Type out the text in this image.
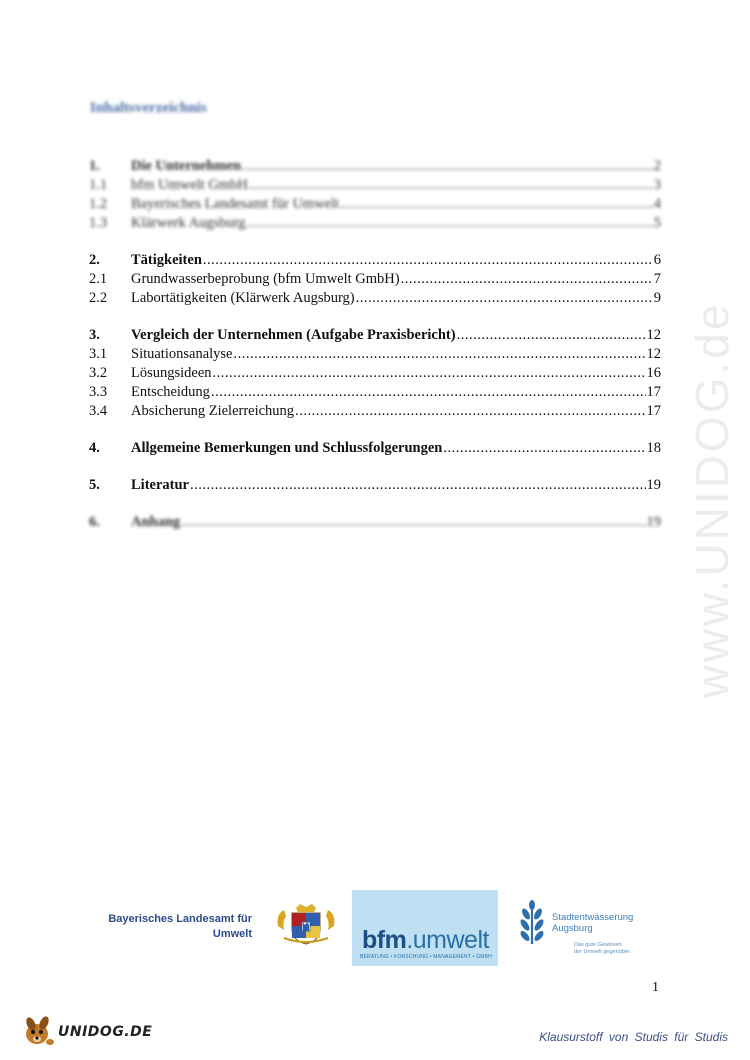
www.UNIDOG.de
Inhaltsverzeichnis
1.	Die Unternehmen .....	2
1.1	bfm Umwelt GmbH .....	3
1.2	Bayerisches Landesamt für Umwelt .....	4
1.3	Klärwerk Augsburg .....	5
2.	Tätigkeiten .....	6
2.1	Grundwasserbeprobung (bfm Umwelt GmbH) .....	7
2.2	Labortätigkeiten (Klärwerk Augsburg) .....	9
3.	Vergleich der Unternehmen (Aufgabe Praxisbericht) .....	12
3.1	Situationsanalyse .....	12
3.2	Lösungsideen .....	16
3.3	Entscheidung .....	17
3.4	Absicherung Zielerreichung .....	17
4.	Allgemeine Bemerkungen und Schlussfolgerungen .....	18
5.	Literatur .....	19
6.	Anhang .....	19
Bayerisches Landesamt für
Umwelt	bfm.umwelt
BERATUNG • FORSCHUNG • MANAGEMENT • GMBH
Stadtentwässerung
Augsburg
Das gute Gewissen
der Umwelt gegenüber.
1
UNIDOG.DE	Klausurstoff von Studis für Studis
